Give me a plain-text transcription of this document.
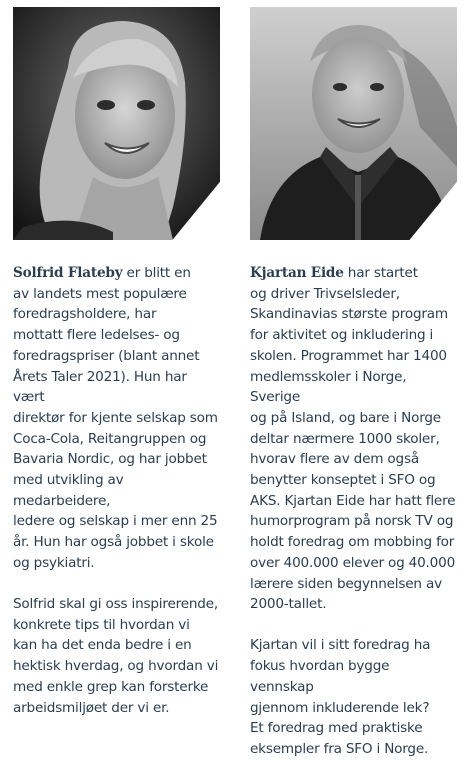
Solfrid Flateby er blitt en
av landets mest populære
foredragsholdere, har
mottatt flere ledelses- og
foredragspriser (blant annet
Årets Taler 2021). Hun har vært
direktør for kjente selskap som
Coca-Cola, Reitangruppen og
Bavaria Nordic, og har jobbet
med utvikling av medarbeidere,
ledere og selskap i mer enn 25
år. Hun har også jobbet i skole
og psykiatri.

Solfrid skal gi oss inspirerende,
konkrete tips til hvordan vi
kan ha det enda bedre i en
hektisk hverdag, og hvordan vi
med enkle grep kan forsterke
arbeidsmiljøet der vi er.

Kjartan Eide har startet
og driver Trivselsleder,
Skandinavias største program
for aktivitet og inkludering i
skolen. Programmet har 1400
medlemsskoler i Norge, Sverige
og på Island, og bare i Norge
deltar nærmere 1000 skoler,
hvorav flere av dem også
benytter konseptet i SFO og
AKS. Kjartan Eide har hatt flere
humorprogram på norsk TV og
holdt foredrag om mobbing for
over 400.000 elever og 40.000
lærere siden begynnelsen av
2000-tallet.

Kjartan vil i sitt foredrag ha
fokus hvordan bygge vennskap
gjennom inkluderende lek?
Et foredrag med praktiske
eksempler fra SFO i Norge.
